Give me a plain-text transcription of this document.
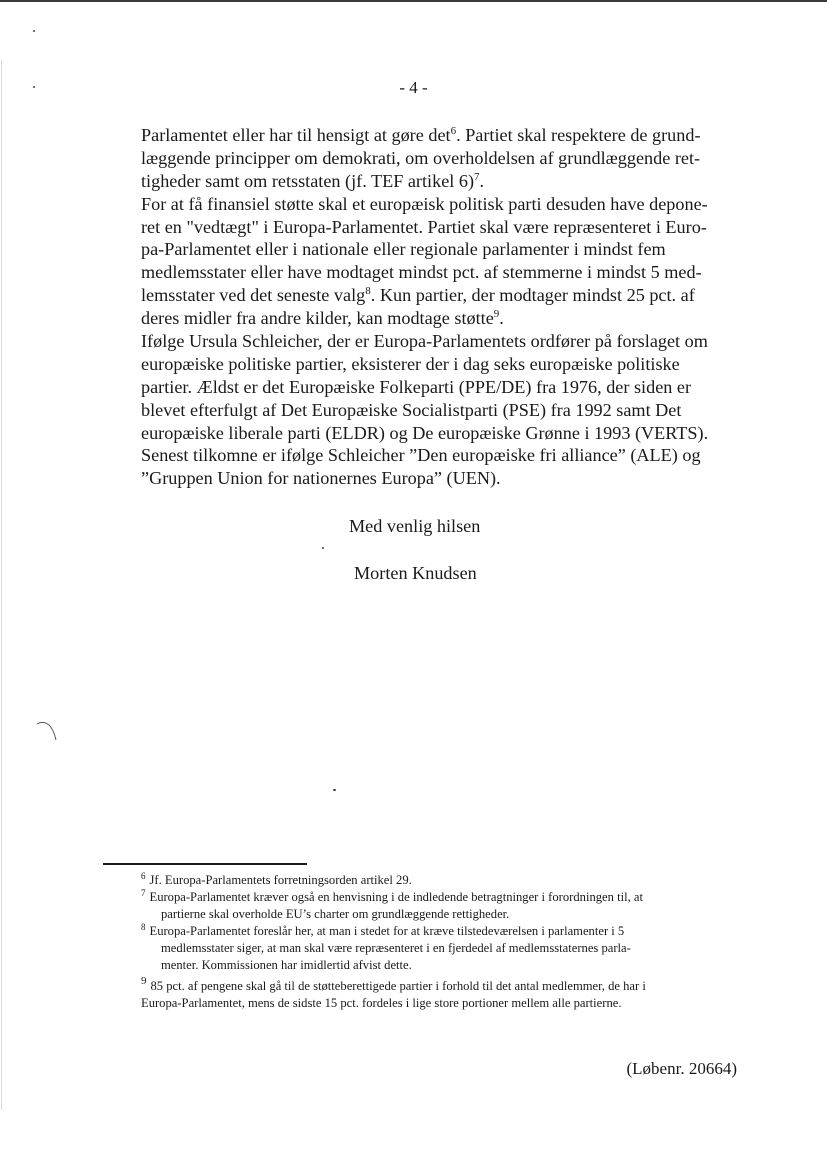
- 4 -
Parlamentet eller har til hensigt at gøre $\det^6$. Partiet skal respektere de grund-
læggende principper om demokrati, om overholdelsen af grundlæggende ret-
tigheder samt om retsstaten (jf. TEF artikel 6)$^7$.
For at få finansiel støtte skal et europæisk politisk parti desuden have depone-
ret en "vedtægt" i Europa-Parlamentet. Partiet skal være repræsenteret i Euro-
pa-Parlamentet eller i nationale eller regionale parlamenter i mindst fem
medlemsstater eller have modtaget mindst pct. af stemmerne i mindst 5 med-
lemsstater ved det seneste valg$^8$. Kun partier, der modtager mindst 25 pct. af
deres midler fra andre kilder, kan modtage støtte$^9$.
Ifølge Ursula Schleicher, der er Europa-Parlamentets ordfører på forslaget om
europæiske politiske partier, eksisterer der i dag seks europæiske politiske
partier. Ældst er det Europæiske Folkeparti (PPE/DE) fra 1976, der siden er
blevet efterfulgt af Det Europæiske Socialistparti (PSE) fra 1992 samt Det
europæiske liberale parti (ELDR) og De europæiske Grønne i 1993 (VERTS).
Senest tilkomne er ifølge Schleicher ”Den europæiske fri alliance” (ALE) og
”Gruppen Union for nationernes Europa” (UEN).
Med venlig hilsen
Morten Knudsen
$^6$ Jf. Europa-Parlamentets forretningsorden artikel 29.
$^7$ Europa-Parlamentet kræver også en henvisning i de indledende betragtninger i forordningen til, at
partierne skal overholde EU’s charter om grundlæggende rettigheder.
$^8$ Europa-Parlamentet foreslår her, at man i stedet for at kræve tilstedeværelsen i parlamenter i 5
medlemsstater siger, at man skal være repræsenteret i en fjerdedel af medlemsstaternes parla-
menter. Kommissionen har imidlertid afvist dette.
9 85 pct. af pengene skal gå til de støtteberettigede partier i forhold til det antal medlemmer, de har i
Europa-Parlamentet, mens de sidste 15 pct. fordeles i lige store portioner mellem alle partierne.
(Løbenr. 20664)
